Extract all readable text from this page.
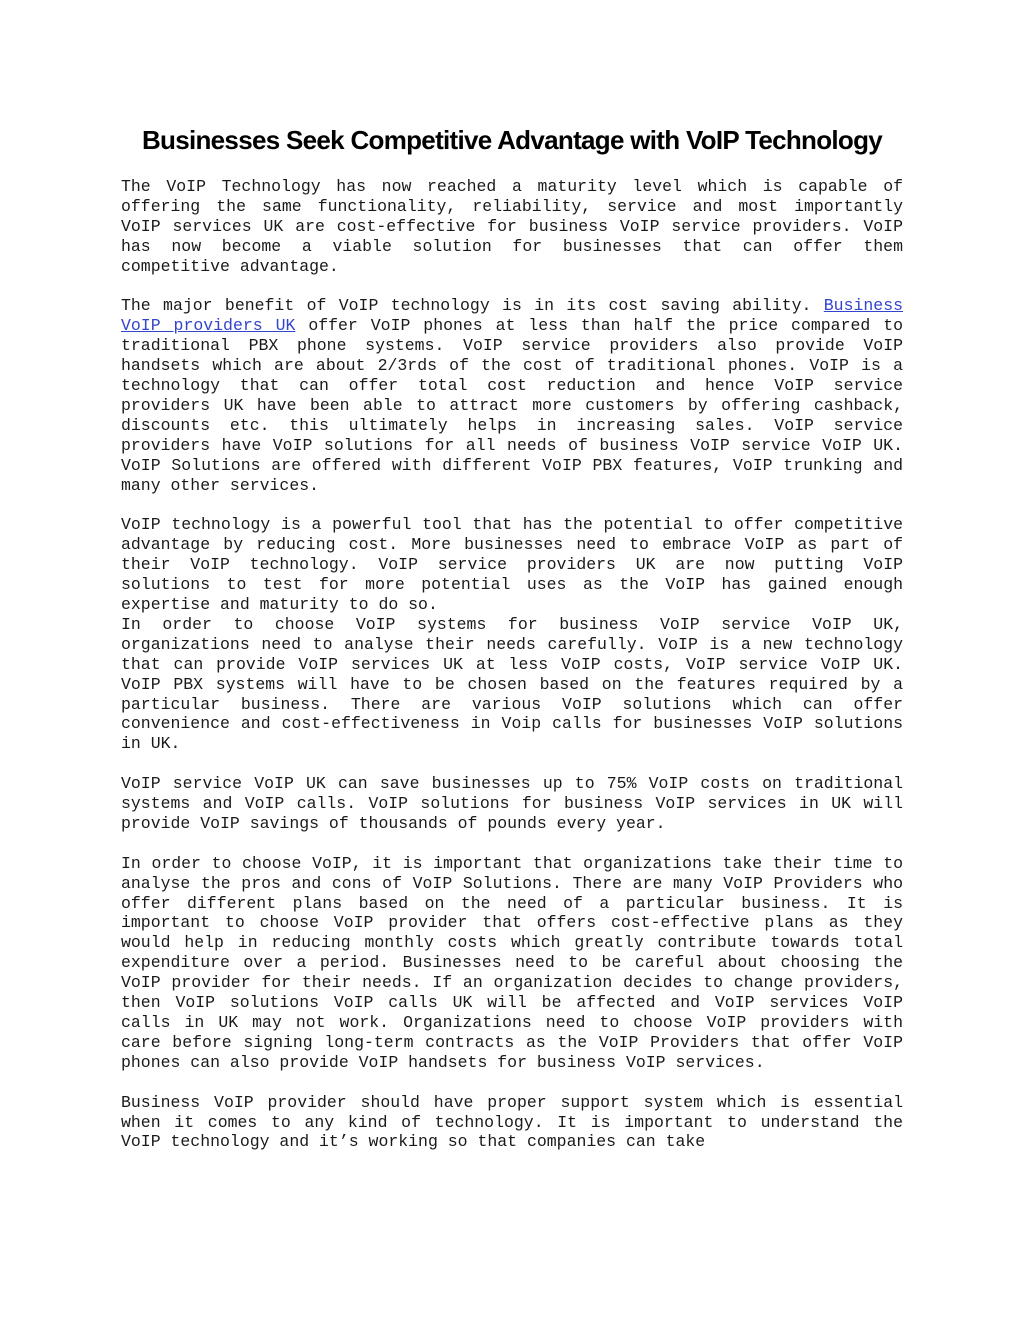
Businesses Seek Competitive Advantage with VoIP Technology

The VoIP Technology has now reached a maturity level which is capable of offering the same functionality, reliability, service and most importantly VoIP services UK are cost-effective for business VoIP service providers. VoIP has now become a viable solution for businesses that can offer them competitive advantage.

The major benefit of VoIP technology is in its cost saving ability. Business VoIP providers UK offer VoIP phones at less than half the price compared to traditional PBX phone systems. VoIP service providers also provide VoIP handsets which are about 2/3rds of the cost of traditional phones. VoIP is a technology that can offer total cost reduction and hence VoIP service providers UK have been able to attract more customers by offering cashback, discounts etc. this ultimately helps in increasing sales. VoIP service providers have VoIP solutions for all needs of business VoIP service VoIP UK. VoIP Solutions are offered with different VoIP PBX features, VoIP trunking and many other services.

VoIP technology is a powerful tool that has the potential to offer competitive advantage by reducing cost. More businesses need to embrace VoIP as part of their VoIP technology. VoIP service providers UK are now putting VoIP solutions to test for more potential uses as the VoIP has gained enough expertise and maturity to do so.

In order to choose VoIP systems for business VoIP service VoIP UK, organizations need to analyse their needs carefully. VoIP is a new technology that can provide VoIP services UK at less VoIP costs, VoIP service VoIP UK. VoIP PBX systems will have to be chosen based on the features required by a particular business. There are various VoIP solutions which can offer convenience and cost-effectiveness in Voip calls for businesses VoIP solutions in UK.

VoIP service VoIP UK can save businesses up to 75% VoIP costs on traditional systems and VoIP calls. VoIP solutions for business VoIP services in UK will provide VoIP savings of thousands of pounds every year.

In order to choose VoIP, it is important that organizations take their time to analyse the pros and cons of VoIP Solutions. There are many VoIP Providers who offer different plans based on the need of a particular business. It is important to choose VoIP provider that offers cost-effective plans as they would help in reducing monthly costs which greatly contribute towards total expenditure over a period. Businesses need to be careful about choosing the VoIP provider for their needs. If an organization decides to change providers, then VoIP solutions VoIP calls UK will be affected and VoIP services VoIP calls in UK may not work. Organizations need to choose VoIP providers with care before signing long-term contracts as the VoIP Providers that offer VoIP phones can also provide VoIP handsets for business VoIP services.

Business VoIP provider should have proper support system which is essential when it comes to any kind of technology. It is important to understand the VoIP technology and it’s working so that companies can take
